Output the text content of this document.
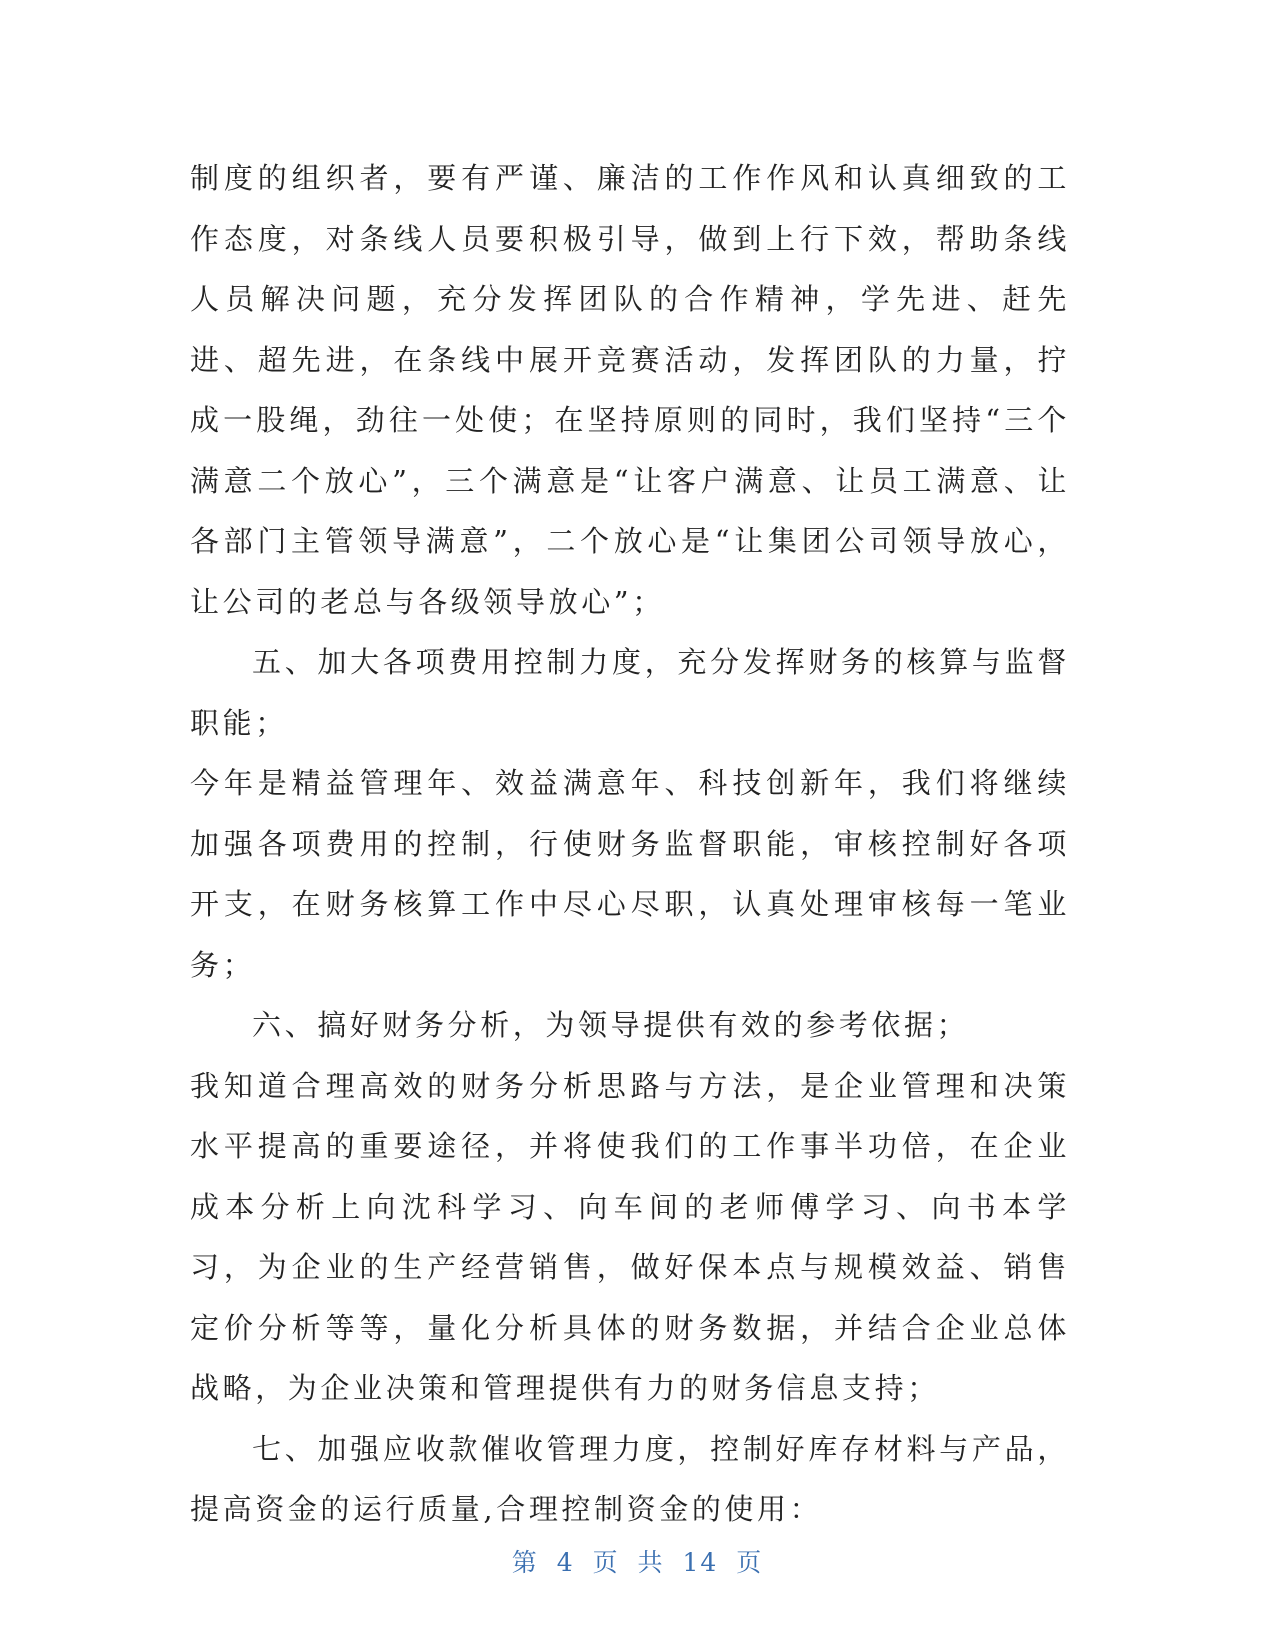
制度的组织者，要有严谨、廉洁的工作作风和认真细致的工作态度，对条线人员要积极引导，做到上行下效，帮助条线人员解决问题，充分发挥团队的合作精神，学先进、赶先进、超先进，在条线中展开竞赛活动，发挥团队的力量，拧成一股绳，劲往一处使；在坚持原则的同时，我们坚持“三个满意二个放心”，三个满意是“让客户满意、让员工满意、让各部门主管领导满意”，二个放心是“让集团公司领导放心，让公司的老总与各级领导放心”；

五、加大各项费用控制力度，充分发挥财务的核算与监督职能；

今年是精益管理年、效益满意年、科技创新年，我们将继续加强各项费用的控制，行使财务监督职能，审核控制好各项开支，在财务核算工作中尽心尽职，认真处理审核每一笔业务；

六、搞好财务分析，为领导提供有效的参考依据；

我知道合理高效的财务分析思路与方法，是企业管理和决策水平提高的重要途径，并将使我们的工作事半功倍，在企业成本分析上向沈科学习、向车间的老师傅学习、向书本学习，为企业的生产经营销售，做好保本点与规模效益、销售定价分析等等，量化分析具体的财务数据，并结合企业总体战略，为企业决策和管理提供有力的财务信息支持；

七、加强应收款催收管理力度，控制好库存材料与产品，提高资金的运行质量,合理控制资金的使用：

第 4 页 共 14 页
